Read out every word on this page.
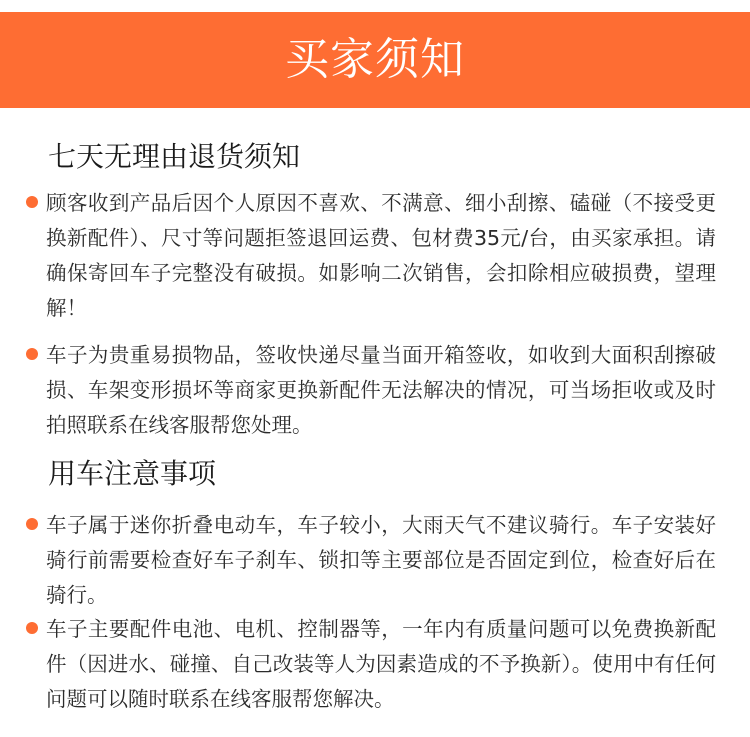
买家须知
七天无理由退货须知
顾客收到产品后因个人原因不喜欢、不满意、细小刮擦、磕碰（不接受更换新配件）、尺寸等问题拒签退回运费、包材费35元/台，由买家承担。请确保寄回车子完整没有破损。如影响二次销售，会扣除相应破损费，望理解！
车子为贵重易损物品，签收快递尽量当面开箱签收，如收到大面积刮擦破损、车架变形损坏等商家更换新配件无法解决的情况，可当场拒收或及时拍照联系在线客服帮您处理。
用车注意事项
车子属于迷你折叠电动车，车子较小，大雨天气不建议骑行。车子安装好骑行前需要检查好车子刹车、锁扣等主要部位是否固定到位，检查好后在骑行。
车子主要配件电池、电机、控制器等，一年内有质量问题可以免费换新配件（因进水、碰撞、自己改装等人为因素造成的不予换新）。使用中有任何问题可以随时联系在线客服帮您解决。
